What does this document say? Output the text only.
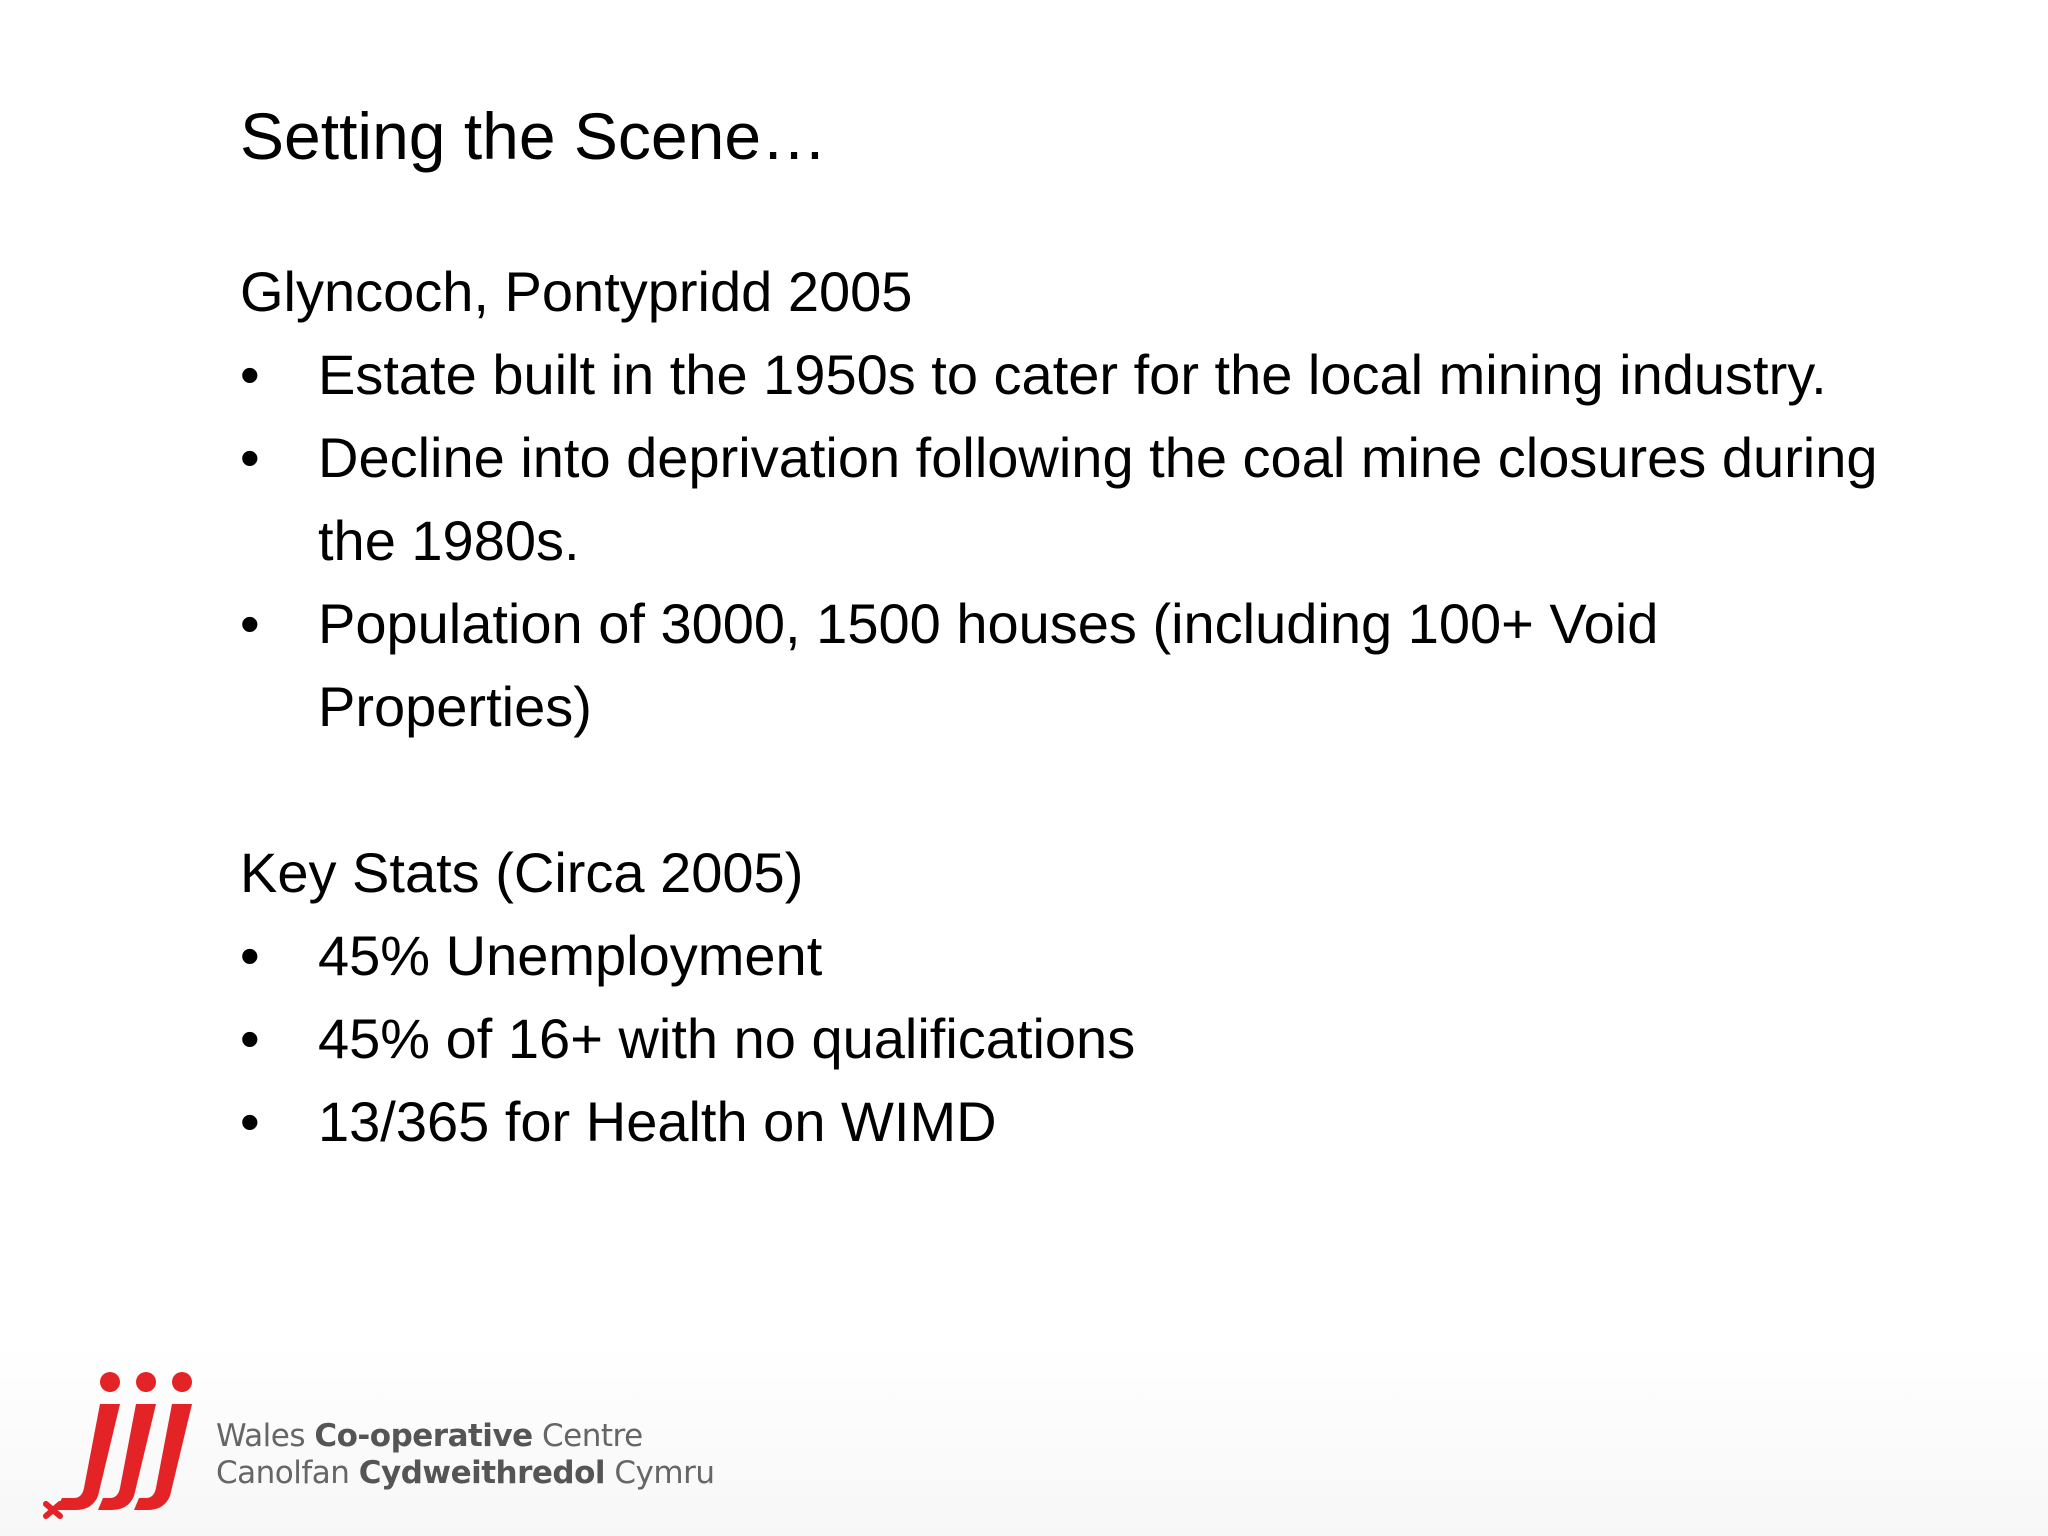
Setting the Scene…
Glyncoch, Pontypridd 2005
•	Estate built in the 1950s to cater for the local mining industry.
•	Decline into deprivation following the coal mine closures during the 1980s.
•	Population of 3000, 1500 houses (including 100+ Void Properties)
Key Stats (Circa 2005)
•	45% Unemployment
•	45% of 16+ with no qualifications
•	13/365 for Health on WIMD
Wales Co-operative Centre
Canolfan Cydweithredol Cymru
